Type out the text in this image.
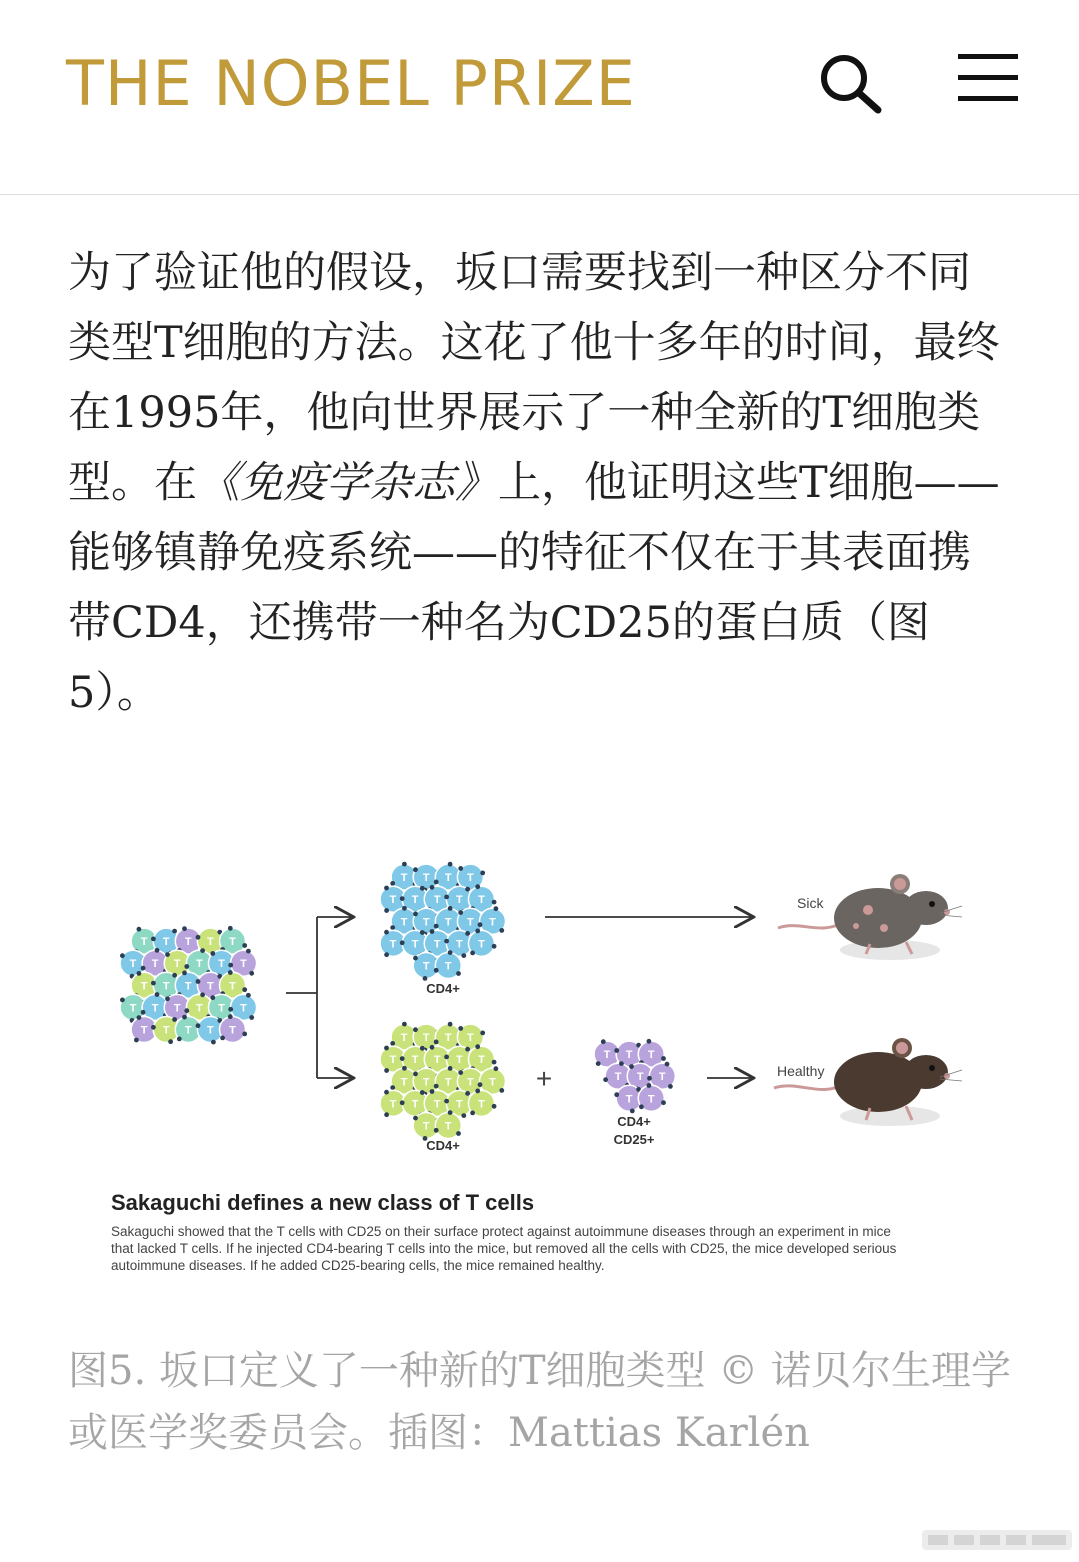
THE NOBEL PRIZE

为了验证他的假设，坂口需要找到一种区分不同类型T细胞的方法。这花了他十多年的时间，最终在1995年，他向世界展示了一种全新的T细胞类型。在《免疫学杂志》上，他证明这些T细胞——能够镇静免疫系统——的特征不仅在于其表面携带CD4，还携带一种名为CD25的蛋白质（图5）。

T T T T T
T T T T T T
T T T T T
T T T T T T
T T T T T
T T T T
T T T T T
T T T T T
T T T T T
T T
T T T T
T T T T T
T T T T T
T T T T T
T T
T T T
T T T
T T
CD4+
CD4+
+
CD4+
CD25+
Sick
Healthy
Sakaguchi defines a new class of T cells
Sakaguchi showed that the T cells with CD25 on their surface protect against autoimmune diseases through an experiment in mice
that lacked T cells. If he injected CD4-bearing T cells into the mice, but removed all the cells with CD25, the mice developed serious
autoimmune diseases. If he added CD25-bearing cells, the mice remained healthy.

图5. 坂口定义了一种新的T细胞类型 © 诺贝尔生理学或医学奖委员会。插图：Mattias Karlén
